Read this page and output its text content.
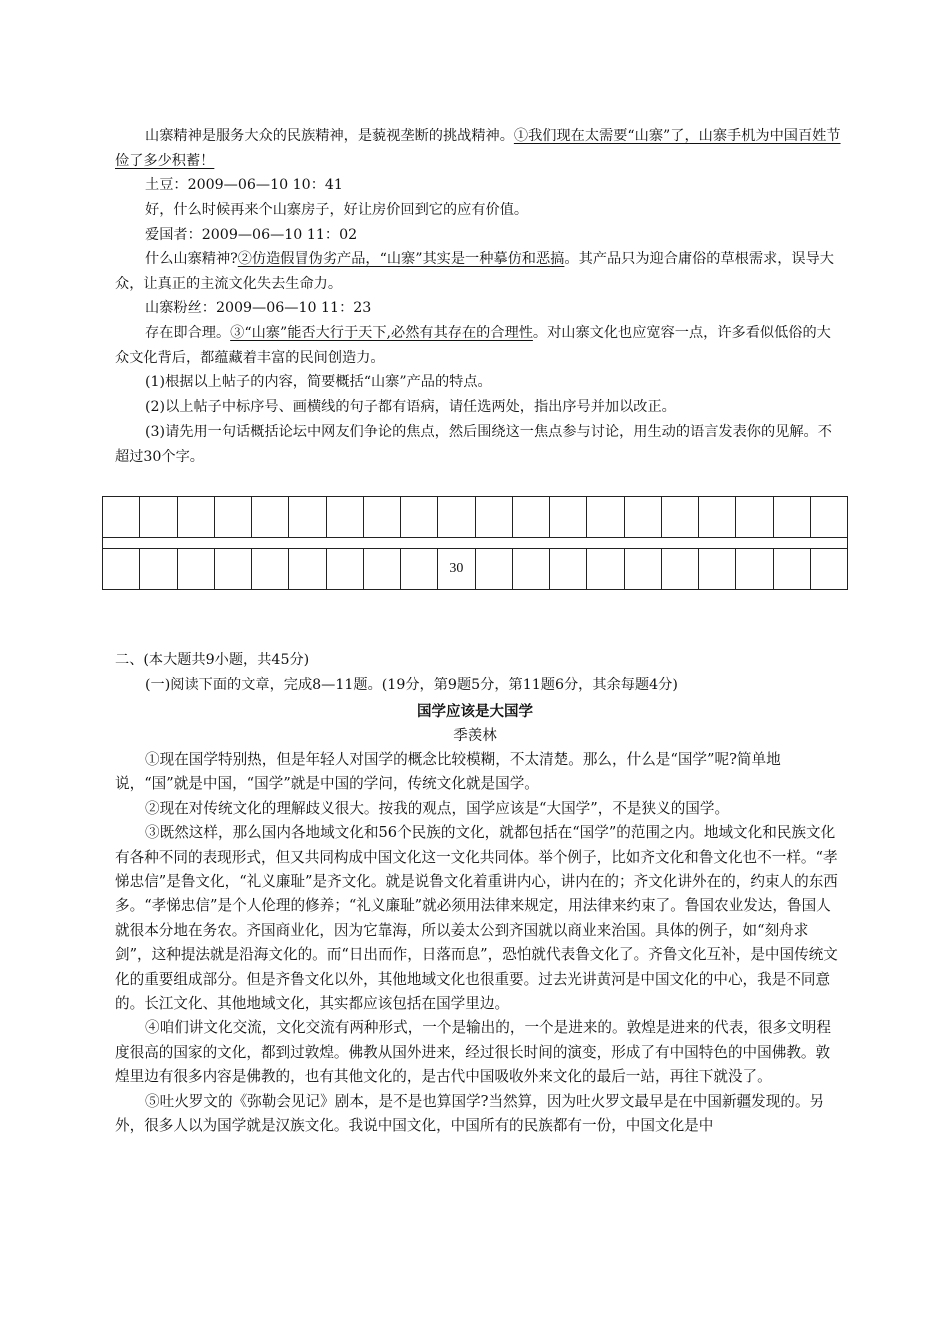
山寨精神是服务大众的民族精神，是藐视垄断的挑战精神。①我们现在太需要“山寨”了，山寨手机为中国百姓节俭了多少积蓄！
土豆：2009—06—10 10：41
好，什么时候再来个山寨房子，好让房价回到它的应有价值。
爱国者：2009—06—10 11：02
什么山寨精神?②仿造假冒伪劣产品，“山寨”其实是一种摹仿和恶搞。其产品只为迎合庸俗的草根需求，误导大众，让真正的主流文化失去生命力。
山寨粉丝：2009—06—10 11：23
存在即合理。③“山寨”能否大行于天下,必然有其存在的合理性。对山寨文化也应宽容一点，许多看似低俗的大众文化背后，都蕴藏着丰富的民间创造力。
(1)根据以上帖子的内容，简要概括“山寨”产品的特点。
(2)以上帖子中标序号、画横线的句子都有语病，请任选两处，指出序号并加以改正。
(3)请先用一句话概括论坛中网友们争论的焦点，然后围绕这一焦点参与讨论，用生动的语言发表你的见解。不超过30个字。

									30										
二、(本大题共9小题，共45分)
(一)阅读下面的文章，完成8—11题。(19分，第9题5分，第11题6分，其余每题4分)
国学应该是大国学
季羡林
①现在国学特别热，但是年轻人对国学的概念比较模糊，不太清楚。那么，什么是“国学”呢?简单地说，“国”就是中国，“国学”就是中国的学问，传统文化就是国学。
②现在对传统文化的理解歧义很大。按我的观点，国学应该是“大国学”，不是狭义的国学。
③既然这样，那么国内各地域文化和56个民族的文化，就都包括在“国学”的范围之内。地域文化和民族文化有各种不同的表现形式，但又共同构成中国文化这一文化共同体。举个例子，比如齐文化和鲁文化也不一样。“孝悌忠信”是鲁文化，“礼义廉耻”是齐文化。就是说鲁文化着重讲内心，讲内在的；齐文化讲外在的，约束人的东西多。“孝悌忠信”是个人伦理的修养；“礼义廉耻”就必须用法律来规定，用法律来约束了。鲁国农业发达，鲁国人就很本分地在务农。齐国商业化，因为它靠海，所以姜太公到齐国就以商业来治国。具体的例子，如“刻舟求剑”，这种提法就是沿海文化的。而“日出而作，日落而息”，恐怕就代表鲁文化了。齐鲁文化互补，是中国传统文化的重要组成部分。但是齐鲁文化以外，其他地域文化也很重要。过去光讲黄河是中国文化的中心，我是不同意的。长江文化、其他地域文化，其实都应该包括在国学里边。
④咱们讲文化交流，文化交流有两种形式，一个是输出的，一个是进来的。敦煌是进来的代表，很多文明程度很高的国家的文化，都到过敦煌。佛教从国外进来，经过很长时间的演变，形成了有中国特色的中国佛教。敦煌里边有很多内容是佛教的，也有其他文化的，是古代中国吸收外来文化的最后一站，再往下就没了。
⑤吐火罗文的《弥勒会见记》剧本，是不是也算国学?当然算，因为吐火罗文最早是在中国新疆发现的。另外，很多人以为国学就是汉族文化。我说中国文化，中国所有的民族都有一份，中国文化是中
